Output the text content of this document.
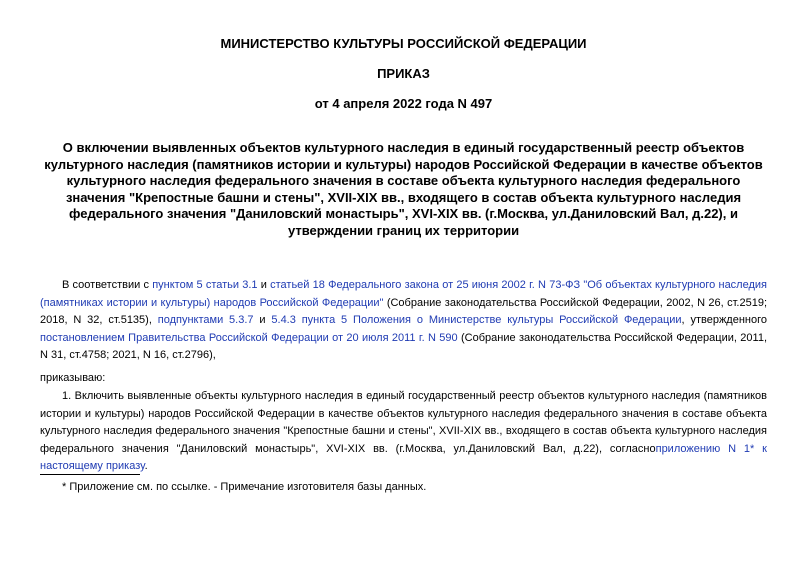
МИНИСТЕРСТВО КУЛЬТУРЫ РОССИЙСКОЙ ФЕДЕРАЦИИ
ПРИКАЗ
от 4 апреля 2022 года N 497
О включении выявленных объектов культурного наследия в единый государственный реестр объектов культурного наследия (памятников истории и культуры) народов Российской Федерации в качестве объектов культурного наследия федерального значения в составе объекта культурного наследия федерального значения "Крепостные башни и стены", XVII-XIX вв., входящего в состав объекта культурного наследия федерального значения "Даниловский монастырь", XVI-XIX вв. (г.Москва, ул.Даниловский Вал, д.22), и утверждении границ их территории
В соответствии с пунктом 5 статьи 3.1 и статьей 18 Федерального закона от 25 июня 2002 г. N 73-ФЗ "Об объектах культурного наследия (памятниках истории и культуры) народов Российской Федерации" (Собрание законодательства Российской Федерации, 2002, N 26, ст.2519; 2018, N 32, ст.5135), подпунктами 5.3.7 и 5.4.3 пункта 5 Положения о Министерстве культуры Российской Федерации, утвержденного постановлением Правительства Российской Федерации от 20 июля 2011 г. N 590 (Собрание законодательства Российской Федерации, 2011, N 31, ст.4758; 2021, N 16, ст.2796),
приказываю:
1. Включить выявленные объекты культурного наследия в единый государственный реестр объектов культурного наследия (памятников истории и культуры) народов Российской Федерации в качестве объектов культурного наследия федерального значения в составе объекта культурного наследия федерального значения "Крепостные башни и стены", XVII-XIX вв., входящего в состав объекта культурного наследия федерального значения "Даниловский монастырь", XVI-XIX вв. (г.Москва, ул.Даниловский Вал, д.22), согласноприложению N 1* к настоящему приказу.
* Приложение см. по ссылке. - Примечание изготовителя базы данных.
